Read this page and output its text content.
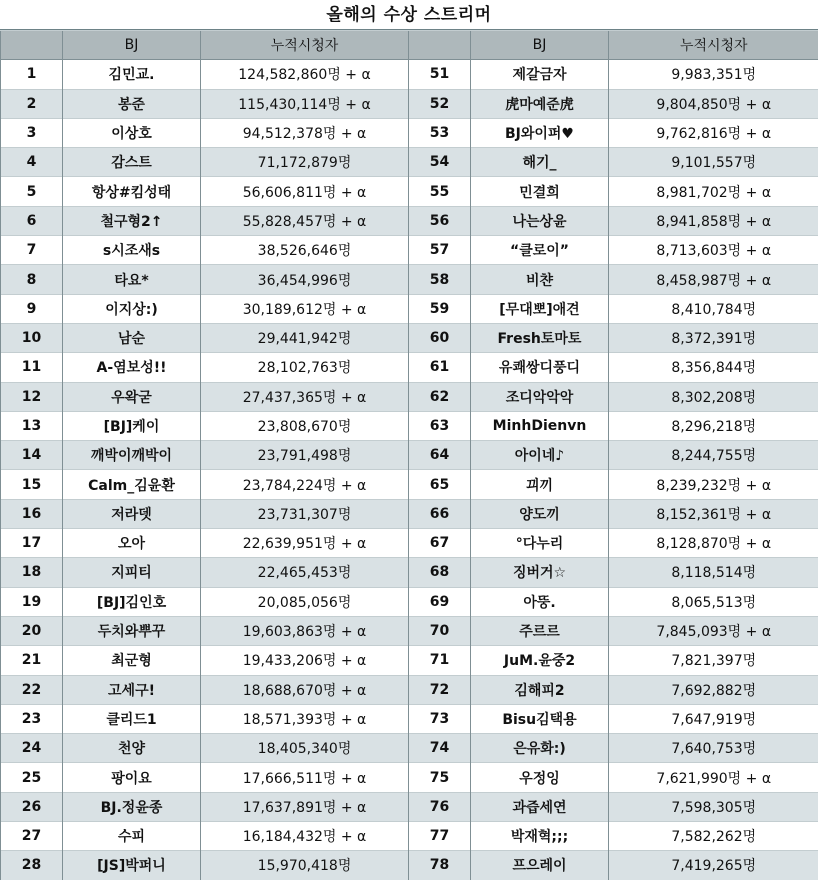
올해의 수상 스트리머
	BJ	누적시청자		BJ	누적시청자
1	김민교.	124,582,860명 + α	51	제갈금자	9,983,351명
2	봉준	115,430,114명 + α	52	虎마예준虎	9,804,850명 + α
3	이상호	94,512,378명 + α	53	BJ와이퍼♥	9,762,816명 + α
4	감스트	71,172,879명	54	해기_	9,101,557명
5	항상#킴성태	56,606,811명 + α	55	민결희	8,981,702명 + α
6	철구형2↑	55,828,457명 + α	56	나는상윤	8,941,858명 + α
7	s시조새s	38,526,646명	57	“클로이”	8,713,603명 + α
8	타요*	36,454,996명	58	비챤	8,458,987명 + α
9	이지상:)	30,189,612명 + α	59	[무대뽀]애견	8,410,784명
10	남순	29,441,942명	60	Fresh토마토	8,372,391명
11	A-염보성!!	28,102,763명	61	유쾌쌍디풍디	8,356,844명
12	우왁굳	27,437,365명 + α	62	조디악악악	8,302,208명
13	[BJ]케이	23,808,670명	63	MinhDienvn	8,296,218명
14	깨박이깨박이	23,791,498명	64	아이네♪	8,244,755명
15	Calm_김윤환	23,784,224명 + α	65	끠끼	8,239,232명 + α
16	저라뎃	23,731,307명	66	양도끼	8,152,361명 + α
17	오아	22,639,951명 + α	67	°다누리	8,128,870명 + α
18	지피티	22,465,453명	68	징버거☆	8,118,514명
19	[BJ]김인호	20,085,056명	69	아뚱.	8,065,513명
20	두치와뿌꾸	19,603,863명 + α	70	주르르	7,845,093명 + α
21	최군형	19,433,206명 + α	71	JuM.윤중2	7,821,397명
22	고세구!	18,688,670명 + α	72	김해피2	7,692,882명
23	클리드1	18,571,393명 + α	73	Bisu김택용	7,647,919명
24	천양	18,405,340명	74	은유화:)	7,640,753명
25	팡이요	17,666,511명 + α	75	우정잉	7,621,990명 + α
26	BJ.정윤종	17,637,891명 + α	76	과즙세연	7,598,305명
27	수피	16,184,432명 + α	77	박재혁;;;	7,582,262명
28	[JS]박퍼니	15,970,418명	78	프으레이	7,419,265명
